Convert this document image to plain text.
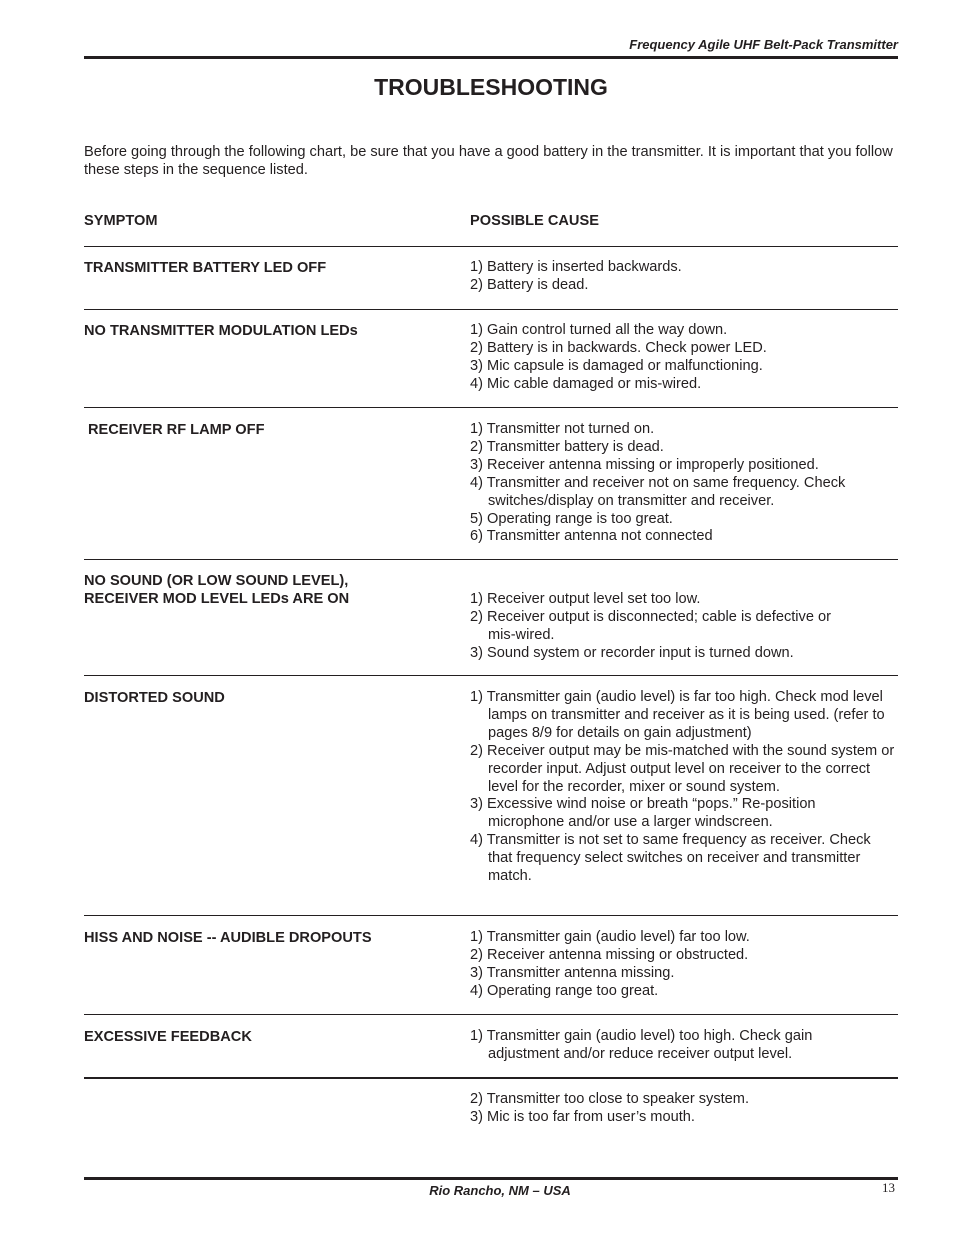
Frequency Agile UHF Belt-Pack Transmitter
TROUBLESHOOTING
Before going through the following chart, be sure that you have a good battery in the transmitter. It is important that you follow these steps in the sequence listed.
SYMPTOM	POSSIBLE CAUSE
TRANSMITTER BATTERY LED OFF	1) Battery is inserted backwards.
2) Battery is dead.
NO TRANSMITTER MODULATION LEDs	1) Gain control turned all the way down.
2) Battery is in backwards. Check power LED.
3) Mic capsule is damaged or malfunctioning.
4) Mic cable damaged or mis-wired.
RECEIVER RF LAMP OFF	1) Transmitter not turned on.
2) Transmitter battery is dead.
3) Receiver antenna missing or improperly positioned.
4) Transmitter and receiver not on same frequency. Check switches/display on transmitter and receiver.
5) Operating range is too great.
6) Transmitter antenna not connected
NO SOUND (OR LOW SOUND LEVEL),
RECEIVER MOD LEVEL LEDs ARE ON	1) Receiver output level set too low.
2) Receiver output is disconnected; cable is defective or mis-wired.
3) Sound system or recorder input is turned down.
DISTORTED SOUND	1) Transmitter gain (audio level) is far too high. Check mod level lamps on transmitter and receiver as it is being used. (refer to pages 8/9 for details on gain adjustment)
2) Receiver output may be mis-matched with the sound system or recorder input. Adjust output level on receiver to the correct level for the recorder, mixer or sound system.
3) Excessive wind noise or breath “pops.” Re-position microphone and/or use a larger windscreen.
4) Transmitter is not set to same frequency as receiver. Check that frequency select switches on receiver and transmitter match.
HISS AND NOISE -- AUDIBLE DROPOUTS	1) Transmitter gain (audio level) far too low.
2) Receiver antenna missing or obstructed.
3) Transmitter antenna missing.
4) Operating range too great.
EXCESSIVE FEEDBACK	1) Transmitter gain (audio level) too high. Check gain adjustment and/or reduce receiver output level.
2) Transmitter too close to speaker system.
3) Mic is too far from user’s mouth.
Rio Rancho, NM – USA	13
